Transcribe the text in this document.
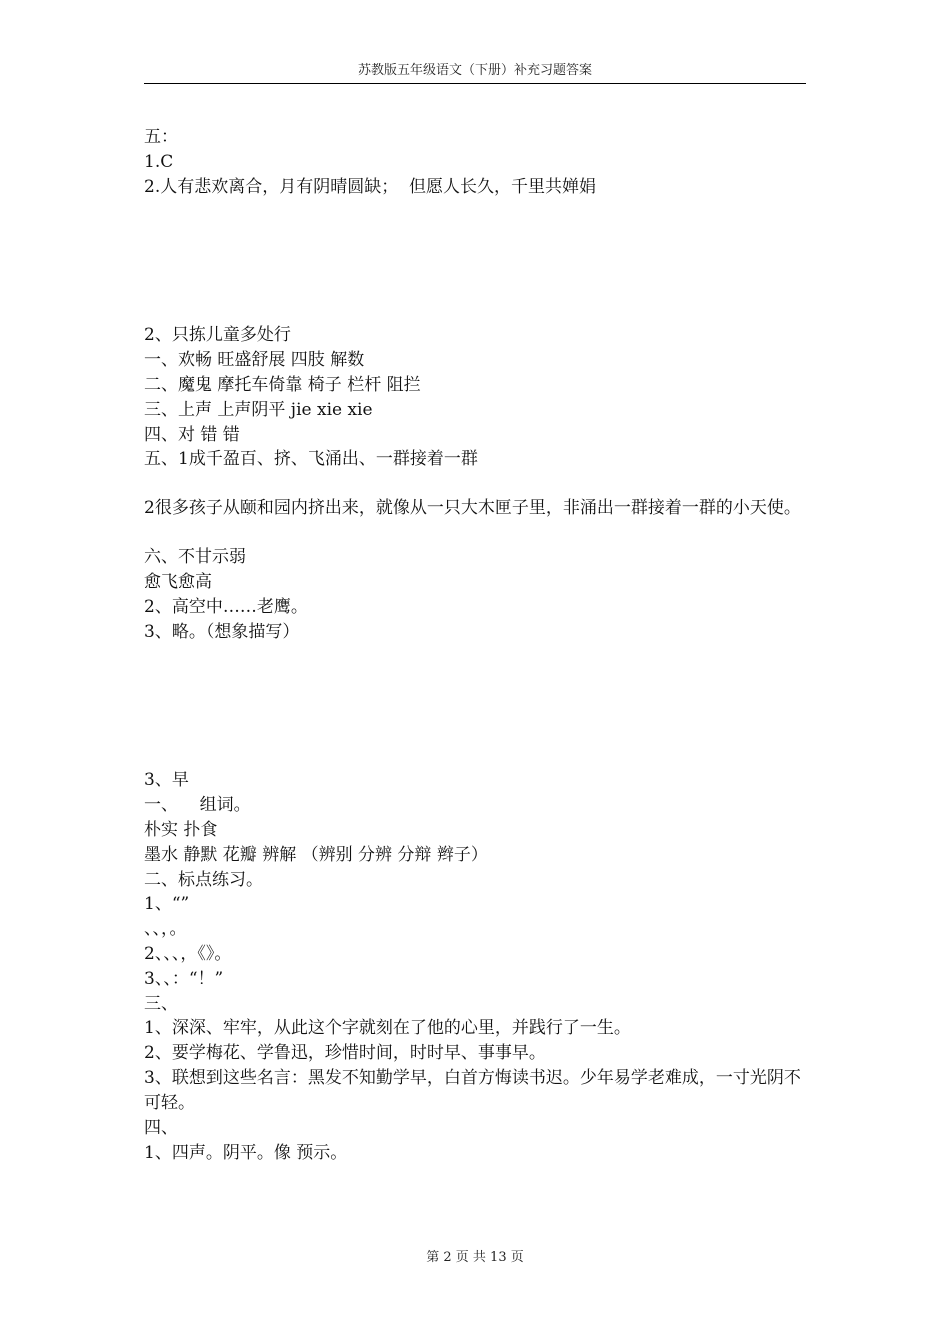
苏教版五年级语文（下册）补充习题答案
五：
1.C
2.人有悲欢离合，月有阴晴圆缺；  但愿人长久，千里共婵娟
2、只拣儿童多处行
一、欢畅 旺盛舒展 四肢 解数
二、魔鬼 摩托车倚靠 椅子 栏杆 阻拦
三、上声 上声阴平 jie xie xie
四、对 错 错
五、1成千盈百、挤、飞涌出、一群接着一群
2很多孩子从颐和园内挤出来，就像从一只大木匣子里，非涌出一群接着一群的小天使。
六、不甘示弱
愈飞愈高
2、高空中……老鹰。
3、略。（想象描写）
3、早
一、    组词。
朴实 扑食
墨水 静默 花瓣 辨解 （辨别 分辨 分辩 辫子）
二、标点练习。
1、“”
、、，。
2、、、，《》。
3、、：“！”
三、
1、深深、牢牢，从此这个字就刻在了他的心里，并践行了一生。
2、要学梅花、学鲁迅，珍惜时间，时时早、事事早。
3、联想到这些名言：黑发不知勤学早，白首方悔读书迟。少年易学老难成，一寸光阴不可轻。
四、
1、四声。阴平。像 预示。
第 2 页 共 13 页
